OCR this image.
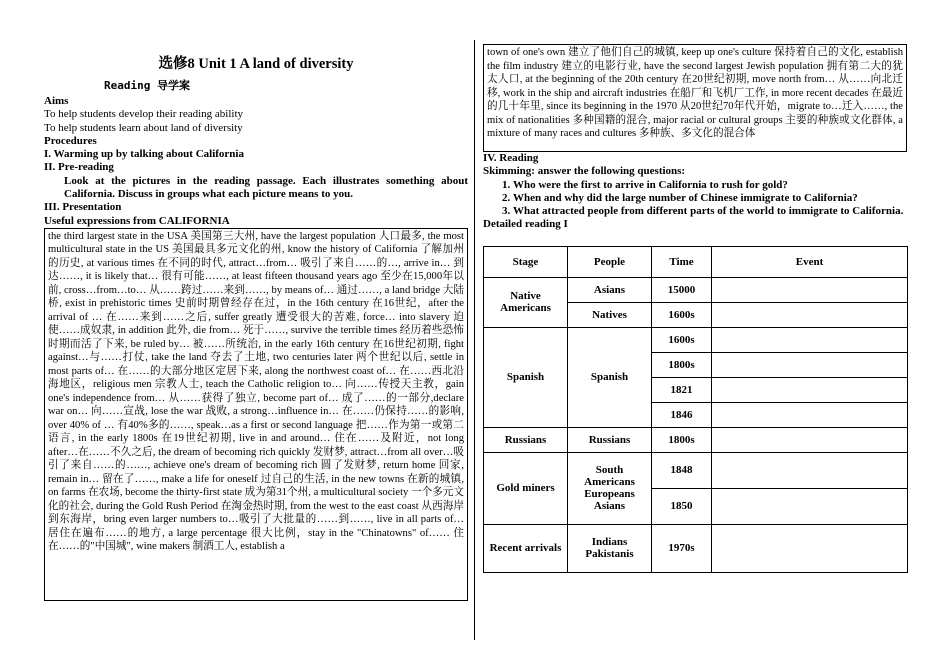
选修8 Unit 1 A land of diversity
Reading 导学案
Aims
To help students develop their reading ability
To help students learn about land of diversity
Procedures
I. Warming up by talking about California
II. Pre-reading
Look at the pictures in the reading passage. Each illustrates something about California. Discuss in groups what each picture means to you.
III. Presentation
Useful expressions from CALIFORNIA
the third largest state in the USA 美国第三大州, have the largest population 人口最多, the most multicultural state in the US 美国最具多元文化的州, know the history of California 了解加州的历史, at various times 在不同的时代, attract…from… 吸引了来自……的…, arrive in… 到达……, it is likely that… 很有可能……, at least fifteen thousand years ago 至少在15,000年以前, cross…from…to… 从……跨过……来到……, by means of… 通过……, a land bridge 大陆桥, exist in prehistoric times 史前时期曾经存在过，in the 16th century 在16世纪，after the arrival of … 在……来到……之后, suffer greatly 遭受很大的苦难, force… into slavery 迫使……成奴隶, in addition 此外, die from… 死于……, survive the terrible times 经历着些恐怖时期而活了下来, be ruled by… 被……所统治, in the early 16th century 在16世纪初期, fight against…与……打仗, take the land 夺去了土地, two centuries later 两个世纪以后, settle in most parts of… 在……的大部分地区定居下来, along the northwest coast of… 在……西北沿海地区，religious men 宗教人士, teach the Catholic religion to… 向……传授天主教，gain one's independence from… 从……获得了独立, become part of… 成了……的一部分,declare war on… 向……宣战, lose the war 战败, a strong…influence in… 在……仍保持……的影响, over 40% of … 有40%多的……, speak…as a first or second language 把……作为第一或第二语言, in the early 1800s 在19世纪初期, live in and around… 住在……及附近，not long after…在……不久之后, the dream of becoming rich quickly 发财梦, attract…from all over…吸引了来自……的……, achieve one's dream of becoming rich 圆了发财梦, return home 回家, remain in… 留在了……, make a life for oneself 过自己的生活, in the new towns 在新的城镇, on farms 在农场, become the thirty-first state 成为第31个州, a multicultural society 一个多元文化的社会, during the Gold Rush Period 在淘金热时期, from the west to the east coast 从西海岸到东海岸，bring even larger numbers to…吸引了大批量的……到……, live in all parts of… 居住在遍布……的地方, a large percentage 很大比例，stay in the "Chinatowns" of…… 住在……的"中国城", wine makers 制酒工人, establish a
town of one's own 建立了他们自己的城镇, keep up one's culture 保持着自己的文化, establish the film industry 建立的电影行业, have the second largest Jewish population 拥有第二大的犹太人口, at the beginning of the 20th century 在20世纪初期, move north from… 从……向北迁移, work in the ship and aircraft industries 在船厂和飞机厂工作, in more recent decades 在最近的几十年里, since its beginning in the 1970 从20世纪70年代开始，migrate to…迁入……, the mix of nationalities 多种国籍的混合, major racial or cultural groups 主要的种族或文化群体, a mixture of many races and cultures 多种族、多文化的混合体
IV. Reading
Skimming: answer the following questions:
1. Who were the first to arrive in California to rush for gold?
2. When and why did the large number of Chinese immigrate to California?
3. What attracted people from different parts of the world to immigrate to California.
Detailed reading I
Stage	People	Time	Event
Native Americans	Asians	15000	
	Natives	1600s	
Spanish	Spanish	1600s	
		1800s	
		1821	
		1846	
Russians	Russians	1800s	
Gold miners	South Americans Europeans Asians	1848	
		1850	
Recent arrivals	Indians Pakistanis	1970s	
